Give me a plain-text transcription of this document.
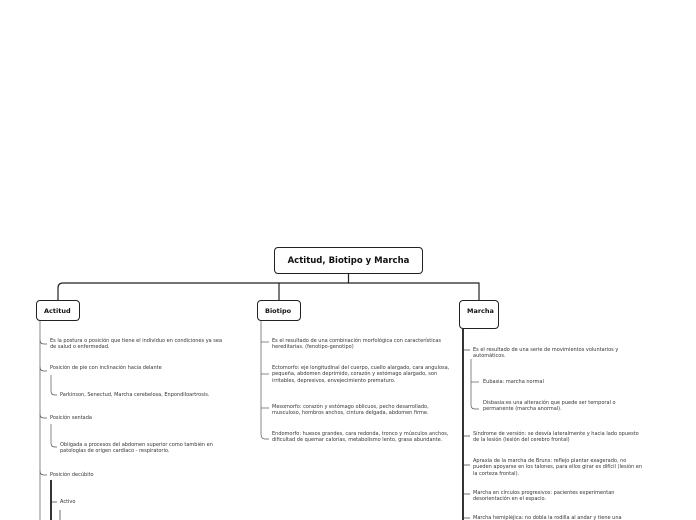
Actitud, Biotipo y Marcha
Actitud	Biotipo	Marcha
Es la postura o posición que tiene el individuo en condiciones ya sea de salud o enfermedad.
Posición de pie con inclinación hacia delante
Parkinson, Senectud, Marcha cerebelosa, Enpondiloartrosis.
Posición sentada
Obligada a procesos del abdomen superior como también en patologías de origen cardíaco - respiratorio.
Posición decúbito
Activo
Es el resultado de una combinación morfológica con características hereditarias. (fenotipo-genotipo)
Ectomorfo: eje longitudinal del cuerpo, cuello alargado, cara angulosa, pequeña, abdomen deprimido, corazón y estómago alargado, son irritables, depresivos, envejecimiento prematuro.
Mesomorfo: corazón y estómago oblicuos, pecho desarrollado, musculoso, hombros anchos, cintura delgada, abdomen firme.
Endomorfo: huesos grandes, cara redonda, tronco y músculos anchos, dificultad de quemar calorías, metabolismo lento, grasa abundante.
Es el resultado de una serie de movimientos voluntarios y automáticos.
Eubasia: marcha normal
Disbasia:es una alteración que puede ser temporal o permanente (marcha anormal).
Síndrome de versión: se desvía lateralmente y hacia lado opuesto de la lesión (lesión del cerebro frontal)
Apraxia de la marcha de Bruns: reflejo plantar exagerado, no pueden apoyarse en los talones, para ellos girar es difícil (lesión en la corteza frontal).
Marcha en círculos progresivos: pacientes experimentan desorientación en el espacio.
Marcha hemipléjica: no dobla la rodilla al andar y tiene una
